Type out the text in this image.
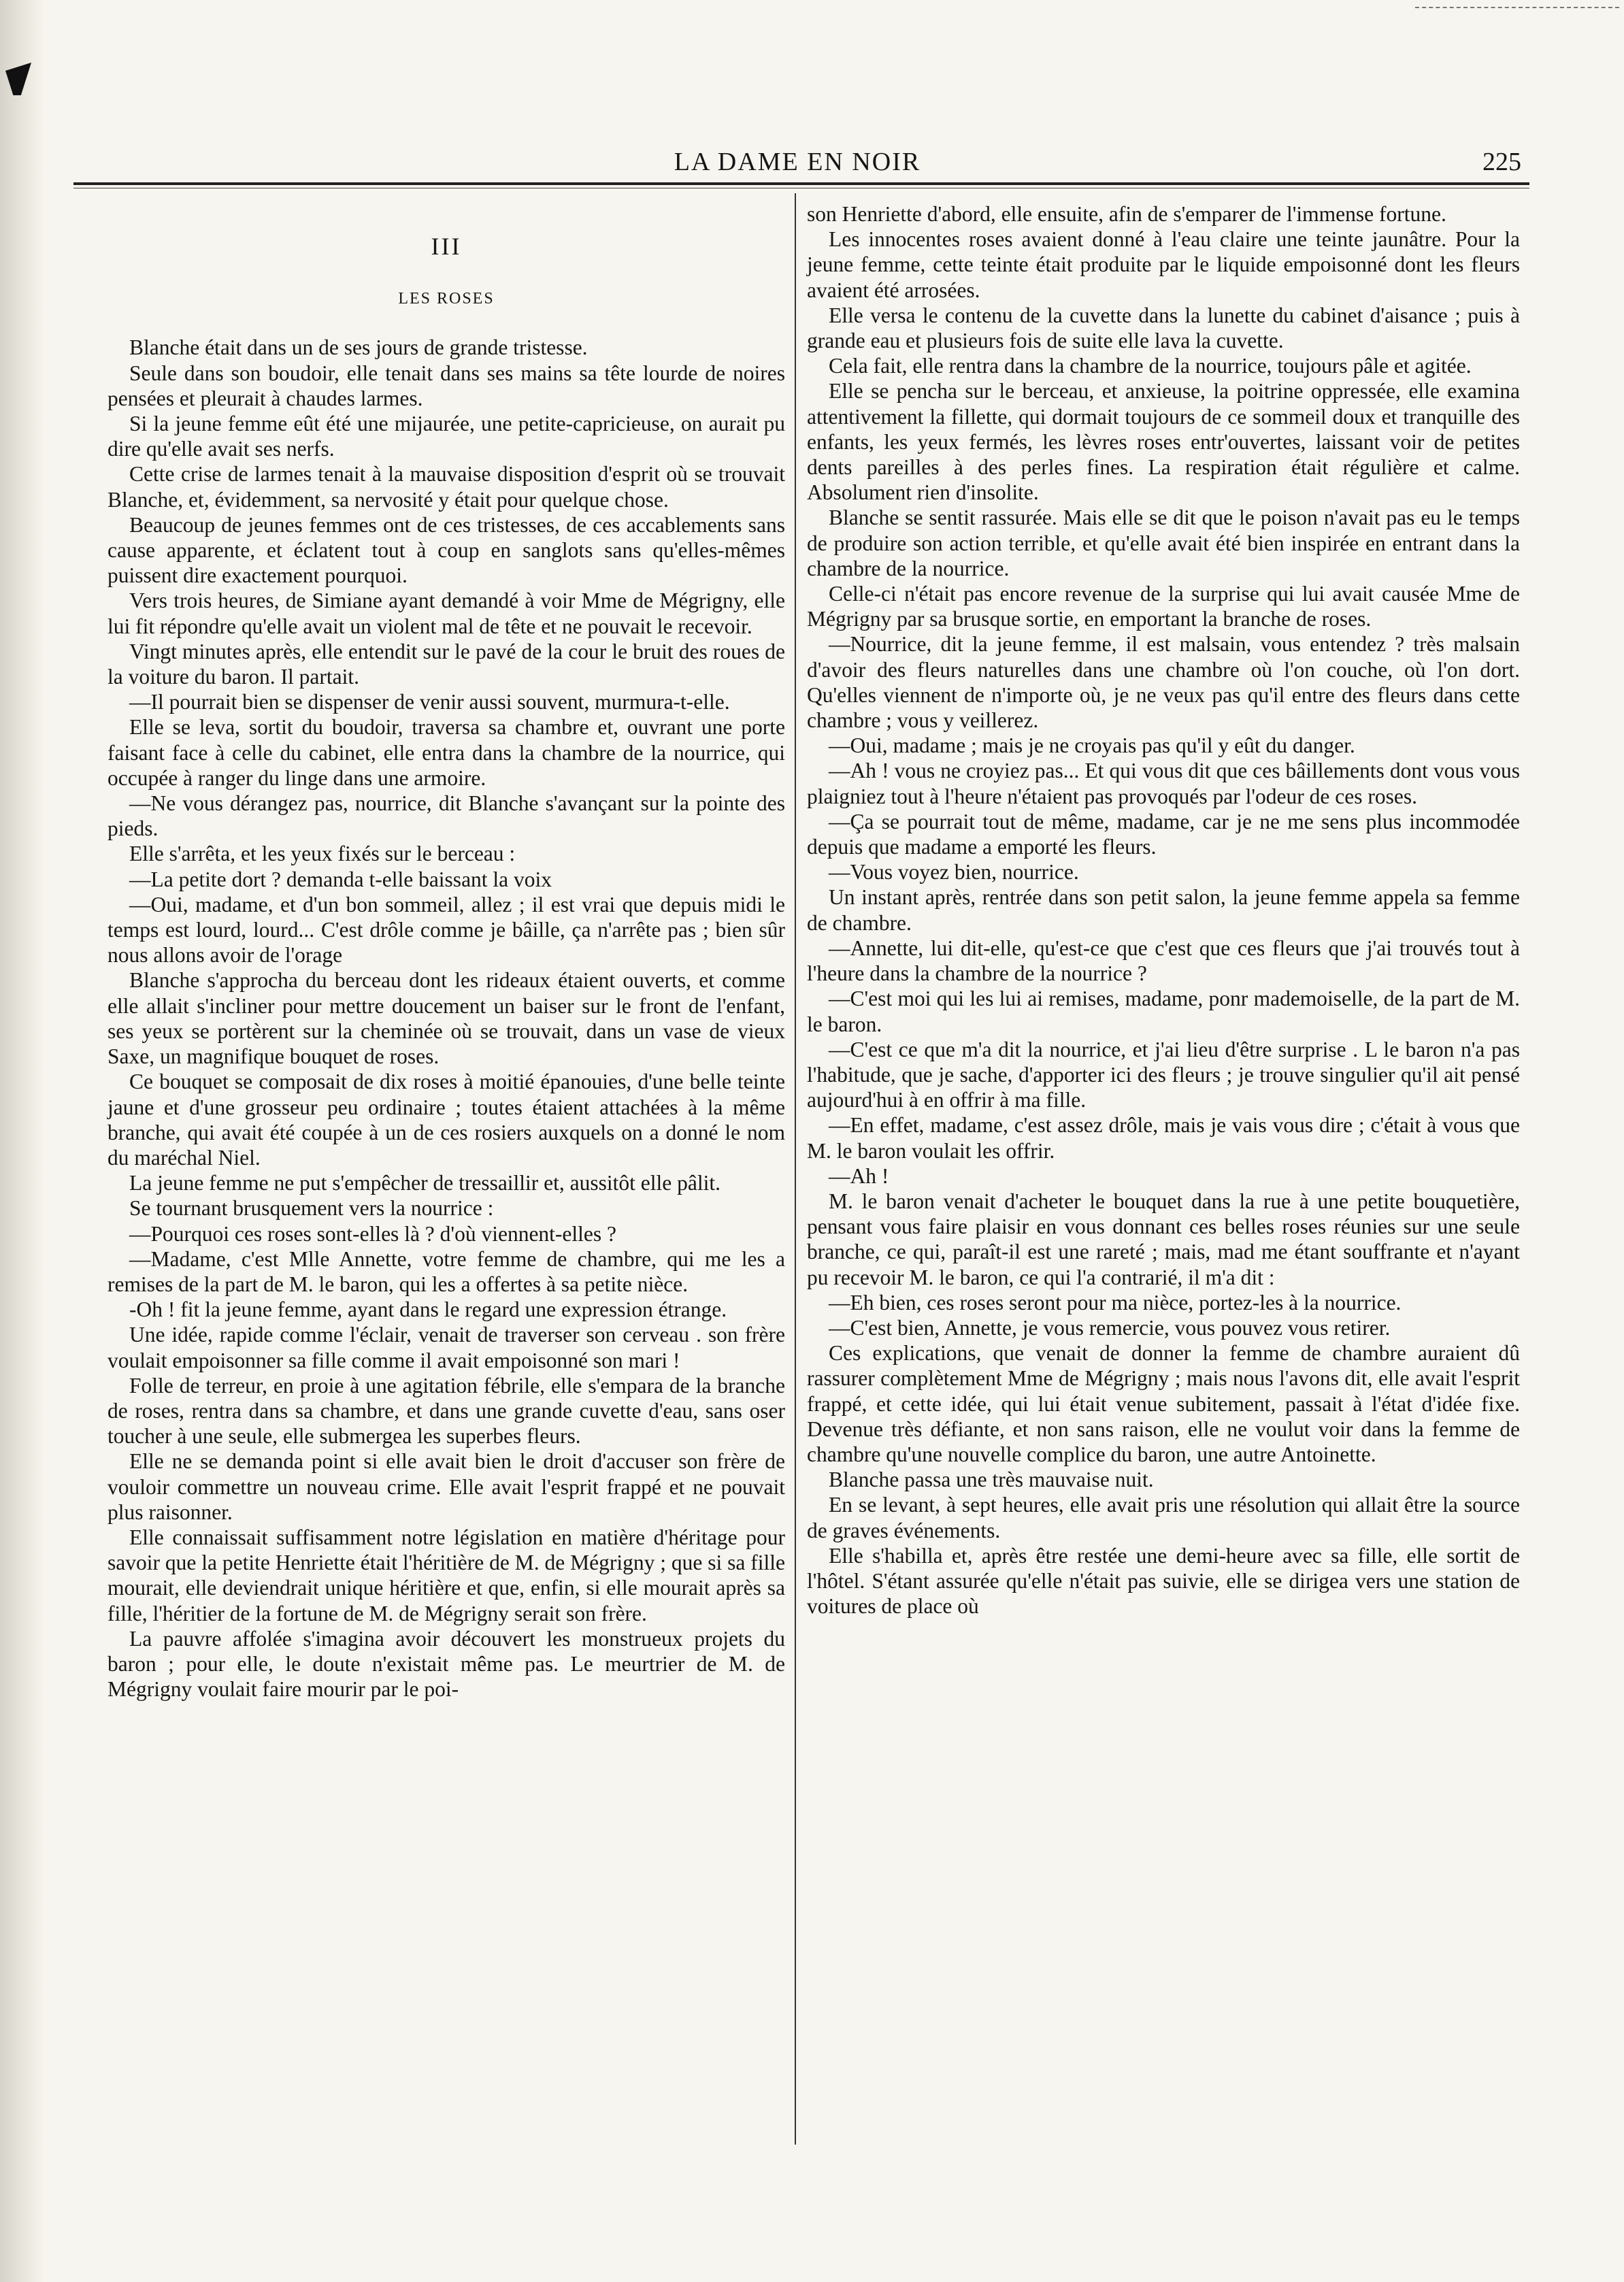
LA DAME EN NOIR	225

III

LES ROSES

Blanche était dans un de ses jours de grande tristesse.

Seule dans son boudoir, elle tenait dans ses mains sa tête lourde de noires pensées et pleurait à chaudes larmes.

Si la jeune femme eût été une mijaurée, une petite-capricieuse, on aurait pu dire qu'elle avait ses nerfs.

Cette crise de larmes tenait à la mauvaise disposition d'esprit où se trouvait Blanche, et, évidemment, sa nervosité y était pour quelque chose.

Beaucoup de jeunes femmes ont de ces tristesses, de ces accablements sans cause apparente, et éclatent tout à coup en sanglots sans qu'elles-mêmes puissent dire exactement pourquoi.

Vers trois heures, de Simiane ayant demandé à voir Mme de Mégrigny, elle lui fit répondre qu'elle avait un violent mal de tête et ne pouvait le recevoir.

Vingt minutes après, elle entendit sur le pavé de la cour le bruit des roues de la voiture du baron. Il partait.

—Il pourrait bien se dispenser de venir aussi souvent, murmura-t-elle.

Elle se leva, sortit du boudoir, traversa sa chambre et, ouvrant une porte faisant face à celle du cabinet, elle entra dans la chambre de la nourrice, qui occupée à ranger du linge dans une armoire.

—Ne vous dérangez pas, nourrice, dit Blanche s'avançant sur la pointe des pieds.

Elle s'arrêta, et les yeux fixés sur le berceau :

—La petite dort ? demanda t-elle baissant la voix

—Oui, madame, et d'un bon sommeil, allez ; il est vrai que depuis midi le temps est lourd, lourd... C'est drôle comme je bâille, ça n'arrête pas ; bien sûr nous allons avoir de l'orage

Blanche s'approcha du berceau dont les rideaux étaient ouverts, et comme elle allait s'incliner pour mettre doucement un baiser sur le front de l'enfant, ses yeux se portèrent sur la cheminée où se trouvait, dans un vase de vieux Saxe, un magnifique bouquet de roses.

Ce bouquet se composait de dix roses à moitié épanouies, d'une belle teinte jaune et d'une grosseur peu ordinaire ; toutes étaient attachées à la même branche, qui avait été coupée à un de ces rosiers auxquels on a donné le nom du maréchal Niel.

La jeune femme ne put s'empêcher de tressaillir et, aussitôt elle pâlit.

Se tournant brusquement vers la nourrice :

—Pourquoi ces roses sont-elles là ? d'où viennent-elles ?

—Madame, c'est Mlle Annette, votre femme de chambre, qui me les a remises de la part de M. le baron, qui les a offertes à sa petite nièce.

-Oh ! fit la jeune femme, ayant dans le regard une expression étrange.

Une idée, rapide comme l'éclair, venait de traverser son cerveau . son frère voulait empoisonner sa fille comme il avait empoisonné son mari !

Folle de terreur, en proie à une agitation fébrile, elle s'empara de la branche de roses, rentra dans sa chambre, et dans une grande cuvette d'eau, sans oser toucher à une seule, elle submergea les superbes fleurs.

Elle ne se demanda point si elle avait bien le droit d'accuser son frère de vouloir commettre un nouveau crime. Elle avait l'esprit frappé et ne pouvait plus raisonner.

Elle connaissait suffisamment notre législation en matière d'héritage pour savoir que la petite Henriette était l'héritière de M. de Mégrigny ; que si sa fille mourait, elle deviendrait unique héritière et que, enfin, si elle mourait après sa fille, l'héritier de la fortune de M. de Mégrigny serait son frère.

La pauvre affolée s'imagina avoir découvert les monstrueux projets du baron ; pour elle, le doute n'existait même pas. Le meurtrier de M. de Mégrigny voulait faire mourir par le poi-

son Henriette d'abord, elle ensuite, afin de s'emparer de l'immense fortune.

Les innocentes roses avaient donné à l'eau claire une teinte jaunâtre. Pour la jeune femme, cette teinte était produite par le liquide empoisonné dont les fleurs avaient été arrosées.

Elle versa le contenu de la cuvette dans la lunette du cabinet d'aisance ; puis à grande eau et plusieurs fois de suite elle lava la cuvette.

Cela fait, elle rentra dans la chambre de la nourrice, toujours pâle et agitée.

Elle se pencha sur le berceau, et anxieuse, la poitrine oppressée, elle examina attentivement la fillette, qui dormait toujours de ce sommeil doux et tranquille des enfants, les yeux fermés, les lèvres roses entr'ouvertes, laissant voir de petites dents pareilles à des perles fines. La respiration était régulière et calme. Absolument rien d'insolite.

Blanche se sentit rassurée. Mais elle se dit que le poison n'avait pas eu le temps de produire son action terrible, et qu'elle avait été bien inspirée en entrant dans la chambre de la nourrice.

Celle-ci n'était pas encore revenue de la surprise qui lui avait causée Mme de Mégrigny par sa brusque sortie, en emportant la branche de roses.

—Nourrice, dit la jeune femme, il est malsain, vous entendez ? très malsain d'avoir des fleurs naturelles dans une chambre où l'on couche, où l'on dort. Qu'elles viennent de n'importe où, je ne veux pas qu'il entre des fleurs dans cette chambre ; vous y veillerez.

—Oui, madame ; mais je ne croyais pas qu'il y eût du danger.

—Ah ! vous ne croyiez pas... Et qui vous dit que ces bâillements dont vous vous plaigniez tout à l'heure n'étaient pas provoqués par l'odeur de ces roses.

—Ça se pourrait tout de même, madame, car je ne me sens plus incommodée depuis que madame a emporté les fleurs.

—Vous voyez bien, nourrice.

Un instant après, rentrée dans son petit salon, la jeune femme appela sa femme de chambre.

—Annette, lui dit-elle, qu'est-ce que c'est que ces fleurs que j'ai trouvés tout à l'heure dans la chambre de la nourrice ?

—C'est moi qui les lui ai remises, madame, ponr mademoiselle, de la part de M. le baron.

—C'est ce que m'a dit la nourrice, et j'ai lieu d'être surprise . L le baron n'a pas l'habitude, que je sache, d'apporter ici des fleurs ; je trouve singulier qu'il ait pensé aujourd'hui à en offrir à ma fille.

—En effet, madame, c'est assez drôle, mais je vais vous dire ; c'était à vous que M. le baron voulait les offrir.

—Ah !

M. le baron venait d'acheter le bouquet dans la rue à une petite bouquetière, pensant vous faire plaisir en vous donnant ces belles roses réunies sur une seule branche, ce qui, paraît-il est une rareté ; mais, mad me étant souffrante et n'ayant pu recevoir M. le baron, ce qui l'a contrarié, il m'a dit :

—Eh bien, ces roses seront pour ma nièce, portez-les à la nourrice.

—C'est bien, Annette, je vous remercie, vous pouvez vous retirer.

Ces explications, que venait de donner la femme de chambre auraient dû rassurer complètement Mme de Mégrigny ; mais nous l'avons dit, elle avait l'esprit frappé, et cette idée, qui lui était venue subitement, passait à l'état d'idée fixe. Devenue très défiante, et non sans raison, elle ne voulut voir dans la femme de chambre qu'une nouvelle complice du baron, une autre Antoinette.

Blanche passa une très mauvaise nuit.

En se levant, à sept heures, elle avait pris une résolution qui allait être la source de graves événements.

Elle s'habilla et, après être restée une demi-heure avec sa fille, elle sortit de l'hôtel. S'étant assurée qu'elle n'était pas suivie, elle se dirigea vers une station de voitures de place où
